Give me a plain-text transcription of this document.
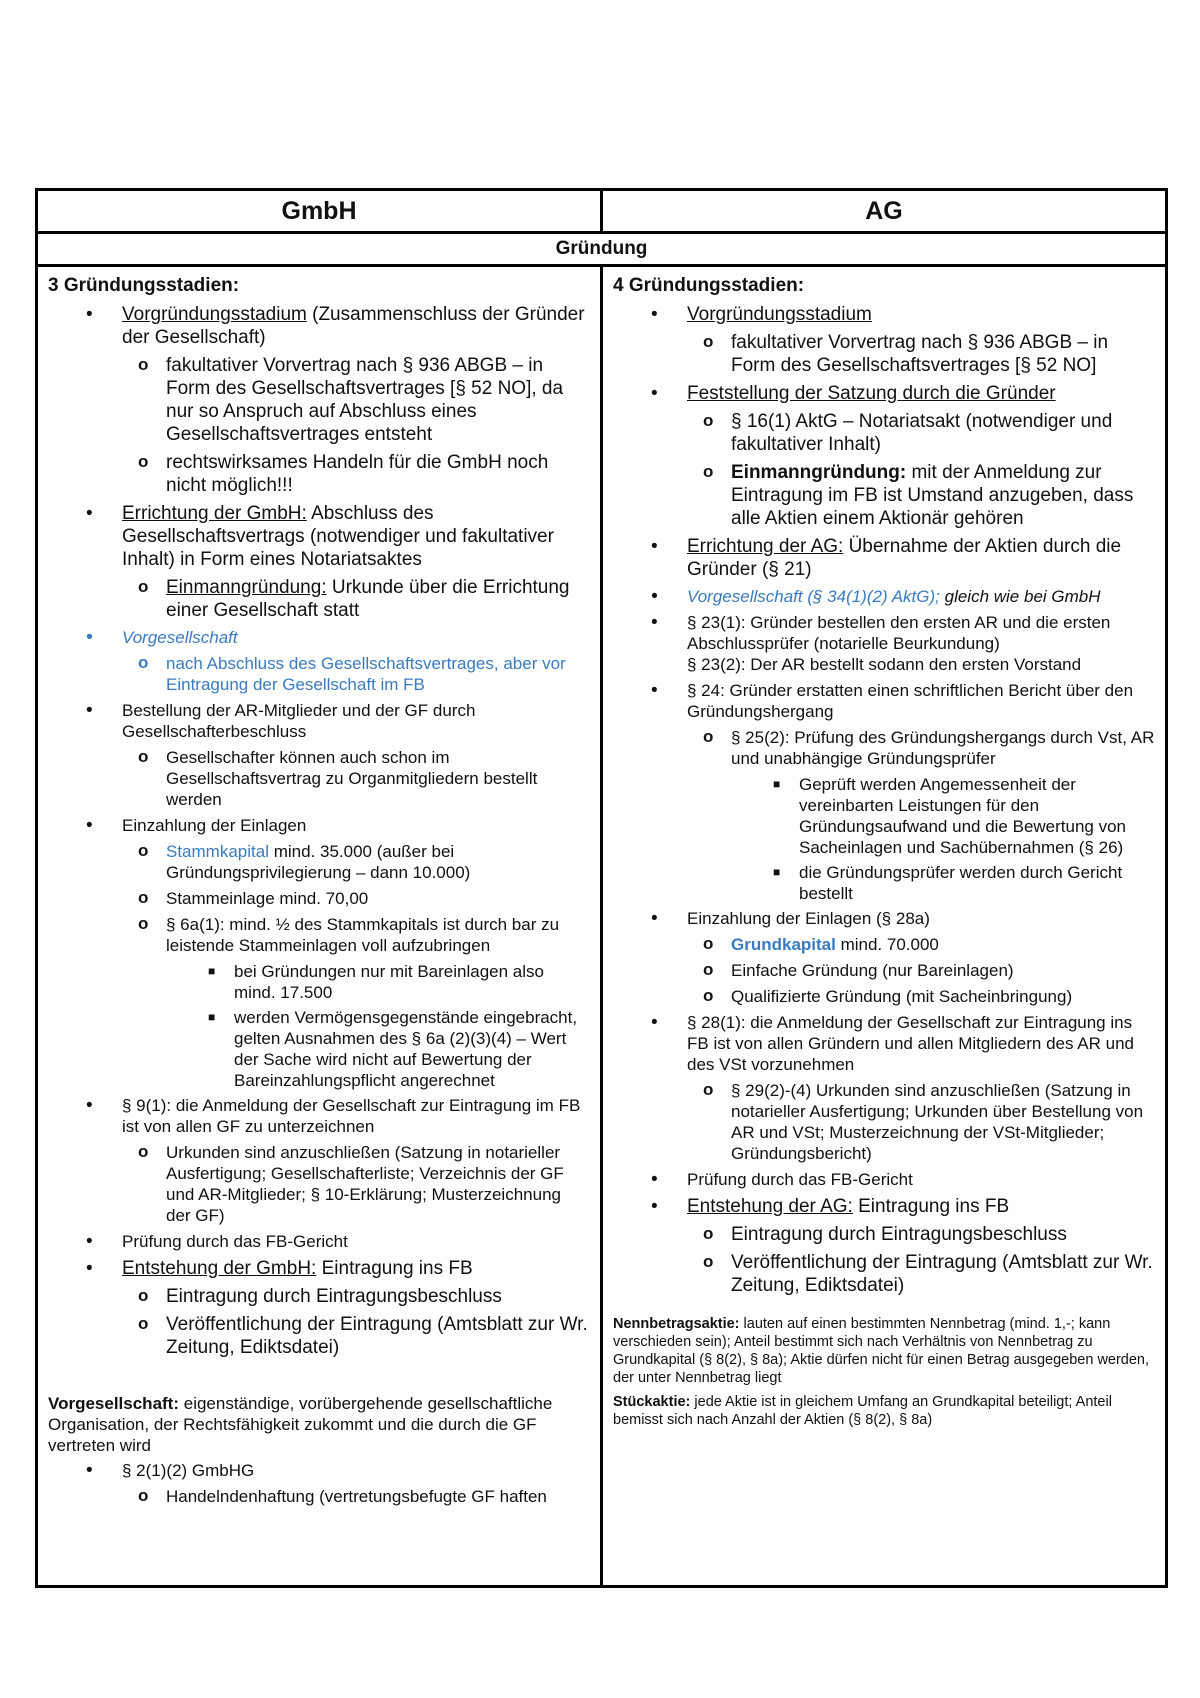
GmbH	AG
Gründung
3 Gründungsstadien:
• Vorgründungsstadium (Zusammenschluss der Gründer der Gesellschaft)
o fakultativer Vorvertrag nach § 936 ABGB – in Form des Gesellschaftsvertrages [§ 52 NO], da nur so Anspruch auf Abschluss eines Gesellschaftsvertrages entsteht
o rechtswirksames Handeln für die GmbH noch nicht möglich!!!
• Errichtung der GmbH: Abschluss des Gesellschaftsvertrags (notwendiger und fakultativer Inhalt) in Form eines Notariatsaktes
o Einmanngründung: Urkunde über die Errichtung einer Gesellschaft statt
• Vorgesellschaft
o nach Abschluss des Gesellschaftsvertrages, aber vor Eintragung der Gesellschaft im FB
• Bestellung der AR-Mitglieder und der GF durch Gesellschafterbeschluss
o Gesellschafter können auch schon im Gesellschaftsvertrag zu Organmitgliedern bestellt werden
• Einzahlung der Einlagen
o Stammkapital mind. 35.000 (außer bei Gründungsprivilegierung – dann 10.000)
o Stammeinlage mind. 70,00
o § 6a(1): mind. ½ des Stammkapitals ist durch bar zu leistende Stammeinlagen voll aufzubringen
■ bei Gründungen nur mit Bareinlagen also mind. 17.500
■ werden Vermögensgegenstände eingebracht, gelten Ausnahmen des § 6a (2)(3)(4) – Wert der Sache wird nicht auf Bewertung der Bareinzahlungspflicht angerechnet
• § 9(1): die Anmeldung der Gesellschaft zur Eintragung im FB ist von allen GF zu unterzeichnen
o Urkunden sind anzuschließen (Satzung in notarieller Ausfertigung; Gesellschafterliste; Verzeichnis der GF und AR-Mitglieder; § 10-Erklärung; Musterzeichnung der GF)
• Prüfung durch das FB-Gericht
• Entstehung der GmbH: Eintragung ins FB
o Eintragung durch Eintragungsbeschluss
o Veröffentlichung der Eintragung (Amtsblatt zur Wr. Zeitung, Ediktsdatei)
Vorgesellschaft: eigenständige, vorübergehende gesellschaftliche Organisation, der Rechtsfähigkeit zukommt und die durch die GF vertreten wird
• § 2(1)(2) GmbHG
o Handelndenhaftung (vertretungsbefugte GF haften
4 Gründungsstadien:
• Vorgründungsstadium
o fakultativer Vorvertrag nach § 936 ABGB – in Form des Gesellschaftsvertrages [§ 52 NO]
• Feststellung der Satzung durch die Gründer
o § 16(1) AktG – Notariatsakt (notwendiger und fakultativer Inhalt)
o Einmanngründung: mit der Anmeldung zur Eintragung im FB ist Umstand anzugeben, dass alle Aktien einem Aktionär gehören
• Errichtung der AG: Übernahme der Aktien durch die Gründer (§ 21)
• Vorgesellschaft (§ 34(1)(2) AktG); gleich wie bei GmbH
• § 23(1): Gründer bestellen den ersten AR und die ersten Abschlussprüfer (notarielle Beurkundung)
§ 23(2): Der AR bestellt sodann den ersten Vorstand
• § 24: Gründer erstatten einen schriftlichen Bericht über den Gründungshergang
o § 25(2): Prüfung des Gründungshergangs durch Vst, AR und unabhängige Gründungsprüfer
■ Geprüft werden Angemessenheit der vereinbarten Leistungen für den Gründungsaufwand und die Bewertung von Sacheinlagen und Sachübernahmen (§ 26)
■ die Gründungsprüfer werden durch Gericht bestellt
• Einzahlung der Einlagen (§ 28a)
o Grundkapital mind. 70.000
o Einfache Gründung (nur Bareinlagen)
o Qualifizierte Gründung (mit Sacheinbringung)
• § 28(1): die Anmeldung der Gesellschaft zur Eintragung ins FB ist von allen Gründern und allen Mitgliedern des AR und des VSt vorzunehmen
o § 29(2)-(4) Urkunden sind anzuschließen (Satzung in notarieller Ausfertigung; Urkunden über Bestellung von AR und VSt; Musterzeichnung der VSt-Mitglieder; Gründungsbericht)
• Prüfung durch das FB-Gericht
• Entstehung der AG: Eintragung ins FB
o Eintragung durch Eintragungsbeschluss
o Veröffentlichung der Eintragung (Amtsblatt zur Wr. Zeitung, Ediktsdatei)

Nennbetragsaktie: lauten auf einen bestimmten Nennbetrag (mind. 1,-; kann verschieden sein); Anteil bestimmt sich nach Verhältnis von Nennbetrag zu Grundkapital (§ 8(2), § 8a); Aktie dürfen nicht für einen Betrag ausgegeben werden, der unter Nennbetrag liegt

Stückaktie: jede Aktie ist in gleichem Umfang an Grundkapital beteiligt; Anteil bemisst sich nach Anzahl der Aktien (§ 8(2), § 8a)
